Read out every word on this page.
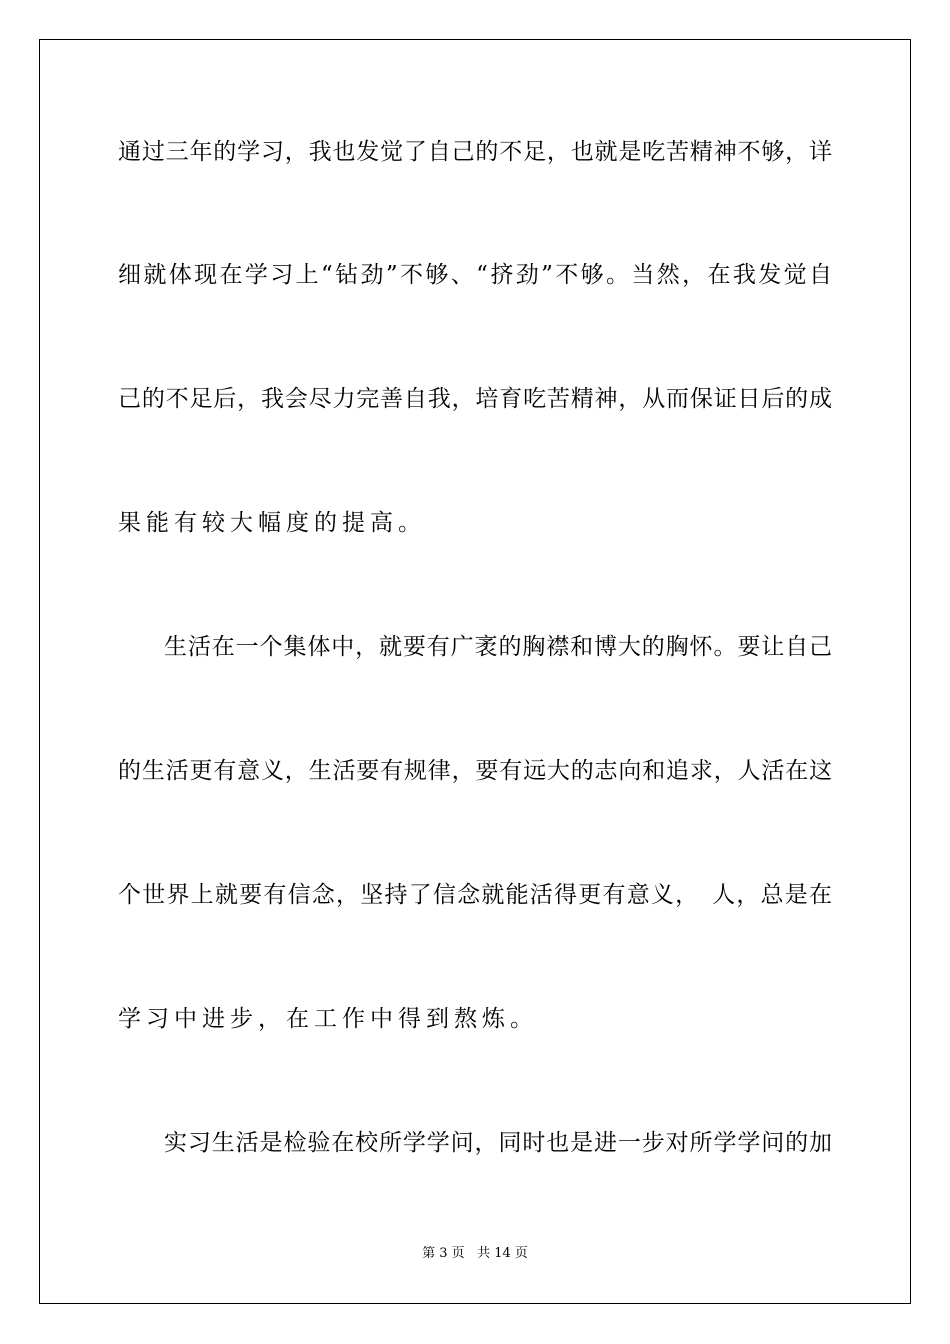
通过三年的学习，我也发觉了自己的不足，也就是吃苦精神不够，详
细就体现在学习上“钻劲”不够、“挤劲”不够。当然，在我发觉自
己的不足后，我会尽力完善自我，培育吃苦精神，从而保证日后的成
果能有较大幅度的提高。
生活在一个集体中，就要有广袤的胸襟和博大的胸怀。要让自己
的生活更有意义，生活要有规律，要有远大的志向和追求，人活在这
个世界上就要有信念，坚持了信念就能活得更有意义，　人，总是在
学习中进步，在工作中得到熬炼。
实习生活是检验在校所学学问，同时也是进一步对所学学问的加
第 3 页 共 14 页
